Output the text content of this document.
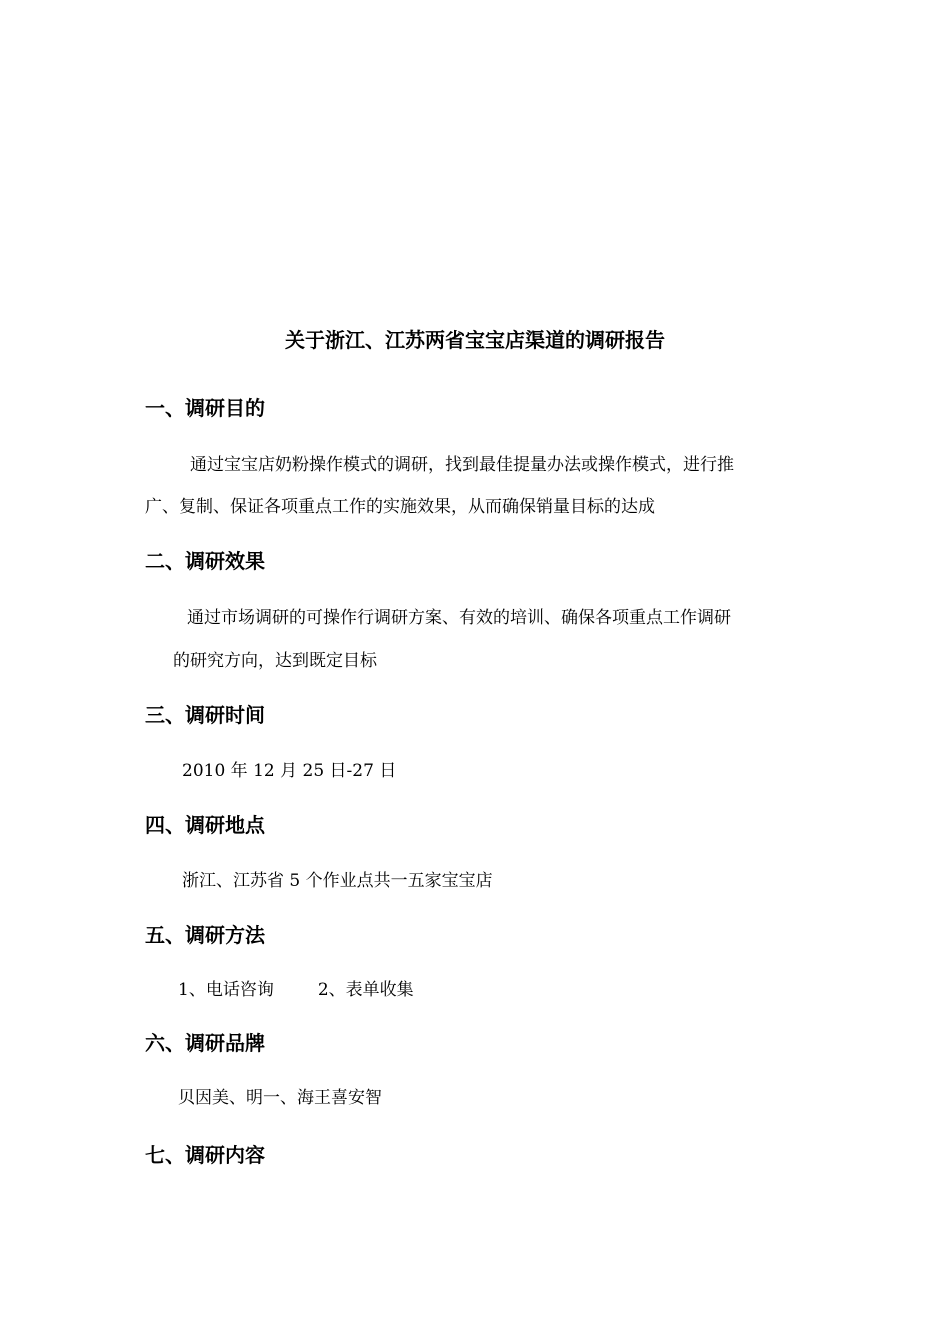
关于浙江、江苏两省宝宝店渠道的调研报告
一、调研目的
通过宝宝店奶粉操作模式的调研，找到最佳提量办法或操作模式，进行推
广、复制、保证各项重点工作的实施效果，从而确保销量目标的达成
二、调研效果
通过市场调研的可操作行调研方案、有效的培训、确保各项重点工作调研
的研究方向，达到既定目标
三、调研时间
2010 年 12 月 25 日-27 日
四、调研地点
浙江、江苏省 5 个作业点共一五家宝宝店
五、调研方法
1、电话咨询	2、表单收集
六、调研品牌
贝因美、明一、海王喜安智
七、调研内容
